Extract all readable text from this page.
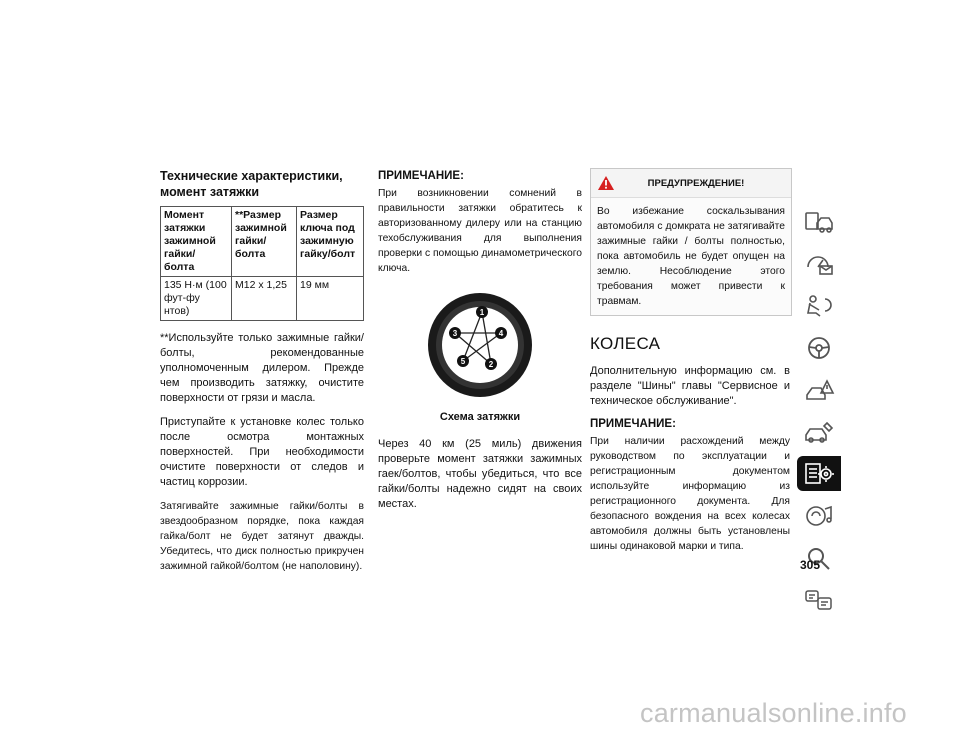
Технические характеристики, момент затяжки
Момент затяжки зажимной гайки/ болта	**Размер зажимной гайки/ болта	Размер ключа под зажимную гайку/болт
135 Н·м (100 фут-фу нтов)	M12 x 1,25	19 мм

**Используйте только зажимные гайки/болты, рекомендованные уполномоченным дилером. Прежде чем производить затяжку, очистите поверхности от грязи и масла.

Приступайте к установке колес только после осмотра монтажных поверхностей. При необходимости очистите поверхности от следов и частиц коррозии.

Затягивайте зажимные гайки/болты в звездообразном порядке, пока каждая гайка/болт не будет затянут дважды. Убедитесь, что диск полностью прикручен зажимной гайкой/болтом (не наполовину).

ПРИМЕЧАНИЕ:

При возникновении сомнений в правильности затяжки обратитесь к авторизованному дилеру или на станцию техобслуживания для выполнения проверки с помощью динамометрического ключа.

1
2
3	4
5
Схема затяжки

Через 40 км (25 миль) движения проверьте момент затяжки зажимных гаек/болтов, чтобы убедиться, что все гайки/болты надежно сидят на своих местах.

ПРЕДУПРЕЖДЕНИЕ!

Во избежание соскальзывания автомобиля с домкрата не затягивайте зажимные гайки / болты полностью, пока автомобиль не будет опущен на землю. Несоблюдение этого требования может привести к травмам.

КОЛЕСА

Дополнительную информацию см. в разделе "Шины" главы "Сервисное и техническое обслуживание".

ПРИМЕЧАНИЕ:

При наличии расхождений между руководством по эксплуатации и регистрационным документом используйте информацию из регистрационного документа. Для безопасного вождения на всех колесах автомобиля должны быть установлены шины одинаковой марки и типа.

305
carmanualsonline.info
